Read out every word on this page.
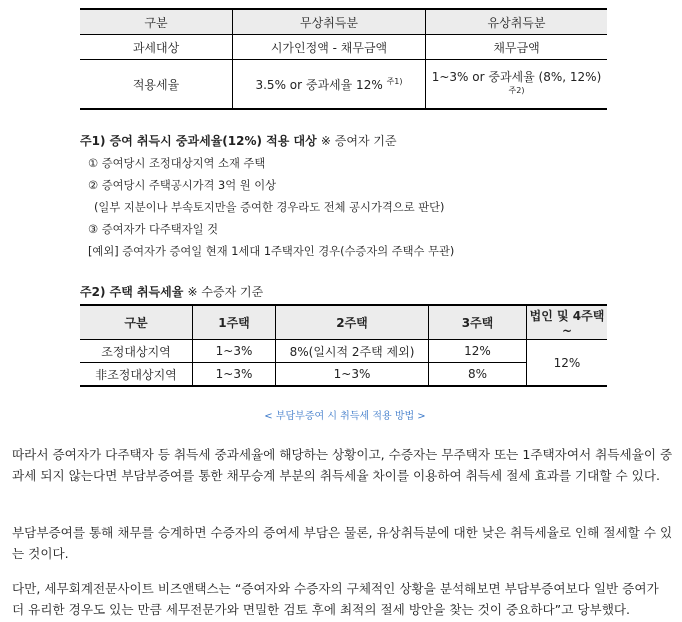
구분	무상취득분	유상취득분
과세대상	시가인정액 - 채무금액	채무금액
적용세율	3.5% or 중과세율 12% $^{주1)}$	1~3% or 중과세율 (8%, 12%) $^{주2)}$
주1) 증여 취득시 중과세율(12%) 적용 대상 ※ 증여자 기준
① 증여당시 조정대상지역 소재 주택
② 증여당시 주택공시가격 3억 원 이상
(일부 지분이나 부속토지만을 증여한 경우라도 전체 공시가격으로 판단)
③ 증여자가 다주택자일 것
[예외] 증여자가 증여일 현재 1세대 1주택자인 경우(수증자의 주택수 무관)
주2) 주택 취득세율 ※ 수증자 기준
구분	1주택	2주택	3주택	법인 및 4주택~
조정대상지역	1~3%	8%(일시적 2주택 제외)	12%	12%
非조정대상지역	1~3%	1~3%	8%	
< 부담부증여 시 취득세 적용 방법 >
따라서 증여자가 다주택자 등 취득세 중과세율에 해당하는 상황이고, 수증자는 무주택자 또는 1주택자여서 취득세율이 중과세 되지 않는다면 부담부증여를 통한 채무승계 부분의 취득세율 차이를 이용하여 취득세 절세 효과를 기대할 수 있다.
부담부증여를 통해 채무를 승계하면 수증자의 증여세 부담은 물론, 유상취득분에 대한 낮은 취득세율로 인해 절세할 수 있는 것이다.
다만, 세무회계전문사이트 비즈앤택스는 “증여자와 수증자의 구체적인 상황을 분석해보면 부담부증여보다 일반 증여가 더 유리한 경우도 있는 만큼 세무전문가와 면밀한 검토 후에 최적의 절세 방안을 찾는 것이 중요하다”고 당부했다.
